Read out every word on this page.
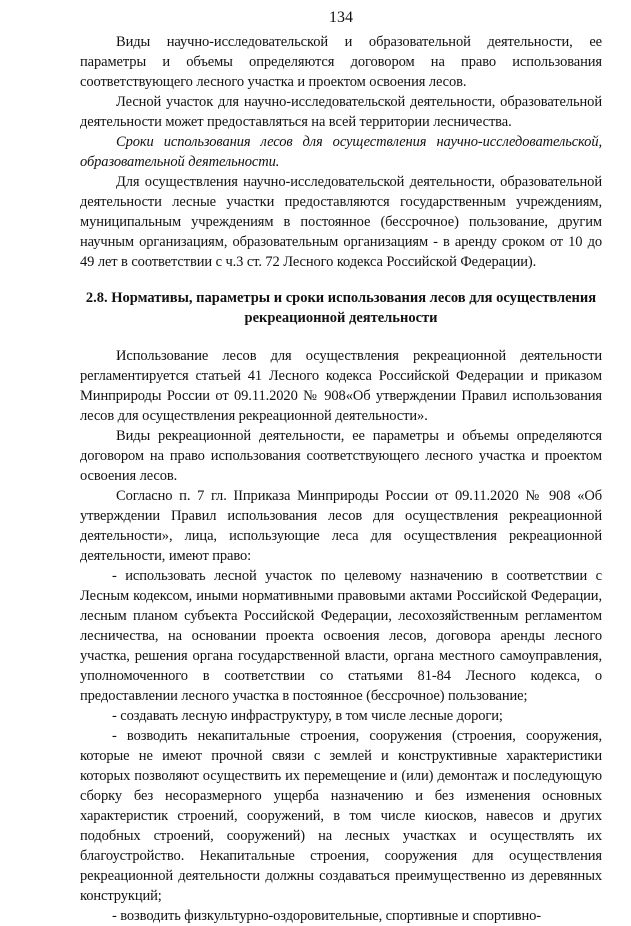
134

Виды научно-исследовательской и образовательной деятельности, ее параметры и объемы определяются договором на право использования соответствующего лесного участка и проектом освоения лесов.

Лесной участок для научно-исследовательской деятельности, образовательной деятельности может предоставляться на всей территории лесничества.

Сроки использования лесов для осуществления научно-исследовательской, образовательной деятельности.

Для осуществления научно-исследовательской деятельности, образовательной деятельности лесные участки предоставляются государственным учреждениям, муниципальным учреждениям в постоянное (бессрочное) пользование, другим научным организациям, образовательным организациям - в аренду сроком от 10 до 49 лет в соответствии с ч.3 ст. 72 Лесного кодекса Российской Федерации).

2.8. Нормативы, параметры и сроки использования лесов для осуществления
рекреационной деятельности

Использование лесов для осуществления рекреационной деятельности регламентируется статьей 41 Лесного кодекса Российской Федерации и приказом Минприроды России от 09.11.2020 № 908«Об утверждении Правил использования лесов для осуществления рекреационной деятельности».

Виды рекреационной деятельности, ее параметры и объемы определяются договором на право использования соответствующего лесного участка и проектом освоения лесов.

Согласно п. 7 гл. IIприказа Минприроды России от 09.11.2020 № 908 «Об утверждении Правил использования лесов для осуществления рекреационной деятельности», лица, использующие леса для осуществления рекреационной деятельности, имеют право:

- использовать лесной участок по целевому назначению в соответствии с Лесным кодексом, иными нормативными правовыми актами Российской Федерации, лесным планом субъекта Российской Федерации, лесохозяйственным регламентом лесничества, на основании проекта освоения лесов, договора аренды лесного участка, решения органа государственной власти, органа местного самоуправления, уполномоченного в соответствии со статьями 81-84 Лесного кодекса, о предоставлении лесного участка в постоянное (бессрочное) пользование;

- создавать лесную инфраструктуру, в том числе лесные дороги;

- возводить некапитальные строения, сооружения (строения, сооружения, которые не имеют прочной связи с землей и конструктивные характеристики которых позволяют осуществить их перемещение и (или) демонтаж и последующую сборку без несоразмерного ущерба назначению и без изменения основных характеристик строений, сооружений, в том числе киосков, навесов и других подобных строений, сооружений) на лесных участках и осуществлять их благоустройство. Некапитальные строения, сооружения для осуществления рекреационной деятельности должны создаваться преимущественно из деревянных конструкций;

- возводить физкультурно-оздоровительные, спортивные и спортивно-
